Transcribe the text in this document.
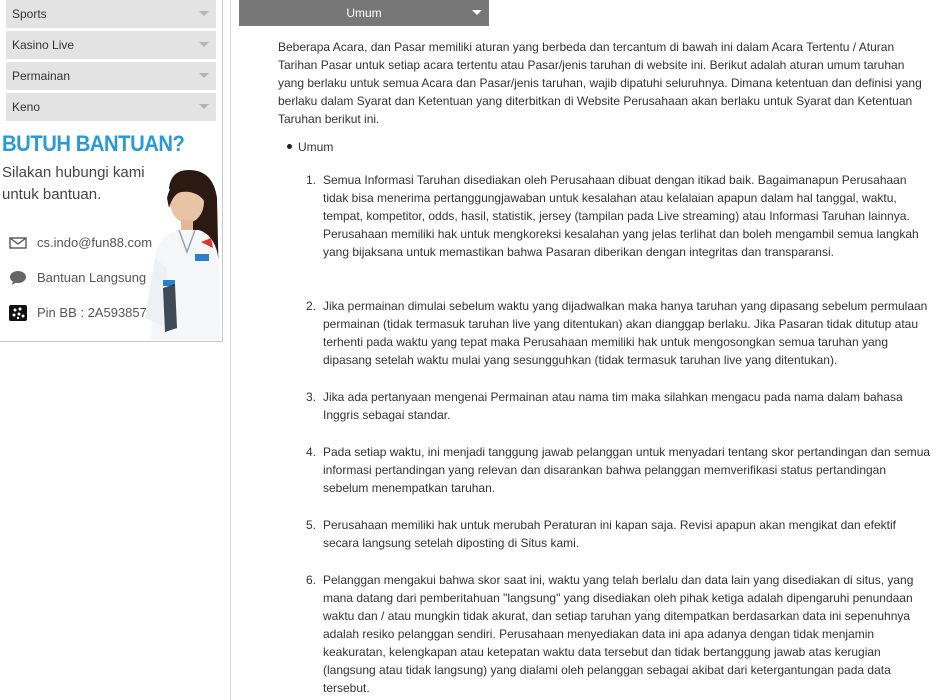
Sports
Kasino Live
Permainan
Keno
BUTUH BANTUAN?
Silakan hubungi kami untuk bantuan.
cs.indo@fun88.com
Bantuan Langsung
Pin BB : 2A593857
Umum
Beberapa Acara, dan Pasar memiliki aturan yang berbeda dan tercantum di bawah ini dalam Acara Tertentu / Aturan Tarihan Pasar untuk setiap acara tertentu atau Pasar/jenis taruhan di website ini. Berikut adalah aturan umum taruhan yang berlaku untuk semua Acara dan Pasar/jenis taruhan, wajib dipatuhi seluruhnya. Dimana ketentuan dan definisi yang berlaku dalam Syarat dan Ketentuan yang diterbitkan di Website Perusahaan akan berlaku untuk Syarat dan Ketentuan Taruhan berikut ini.
Umum
1. Semua Informasi Taruhan disediakan oleh Perusahaan dibuat dengan itikad baik. Bagaimanapun Perusahaan tidak bisa menerima pertanggungjawaban untuk kesalahan atau kelalaian apapun dalam hal tanggal, waktu, tempat, kompetitor, odds, hasil, statistik, jersey (tampilan pada Live streaming) atau Informasi Taruhan lainnya. Perusahaan memiliki hak untuk mengkoreksi kesalahan yang jelas terlihat dan boleh mengambil semua langkah yang bijaksana untuk memastikan bahwa Pasaran diberikan dengan integritas dan transparansi.
2. Jika permainan dimulai sebelum waktu yang dijadwalkan maka hanya taruhan yang dipasang sebelum permulaan permainan (tidak termasuk taruhan live yang ditentukan) akan dianggap berlaku. Jika Pasaran tidak ditutup atau terhenti pada waktu yang tepat maka Perusahaan memiliki hak untuk mengosongkan semua taruhan yang dipasang setelah waktu mulai yang sesungguhkan (tidak termasuk taruhan live yang ditentukan).
3. Jika ada pertanyaan mengenai Permainan atau nama tim maka silahkan mengacu pada nama dalam bahasa Inggris sebagai standar.
4. Pada setiap waktu, ini menjadi tanggung jawab pelanggan untuk menyadari tentang skor pertandingan dan semua informasi pertandingan yang relevan dan disarankan bahwa pelanggan memverifikasi status pertandingan sebelum menempatkan taruhan.
5. Perusahaan memiliki hak untuk merubah Peraturan ini kapan saja. Revisi apapun akan mengikat dan efektif secara langsung setelah diposting di Situs kami.
6. Pelanggan mengakui bahwa skor saat ini, waktu yang telah berlalu dan data lain yang disediakan di situs, yang mana datang dari pemberitahuan "langsung" yang disediakan oleh pihak ketiga adalah dipengaruhi penundaan waktu dan / atau mungkin tidak akurat, dan setiap taruhan yang ditempatkan berdasarkan data ini sepenuhnya adalah resiko pelanggan sendiri. Perusahaan menyediakan data ini apa adanya dengan tidak menjamin keakuratan, kelengkapan atau ketepatan waktu data tersebut dan tidak bertanggung jawab atas kerugian (langsung atau tidak langsung) yang dialami oleh pelanggan sebagai akibat dari ketergantungan pada data tersebut.
